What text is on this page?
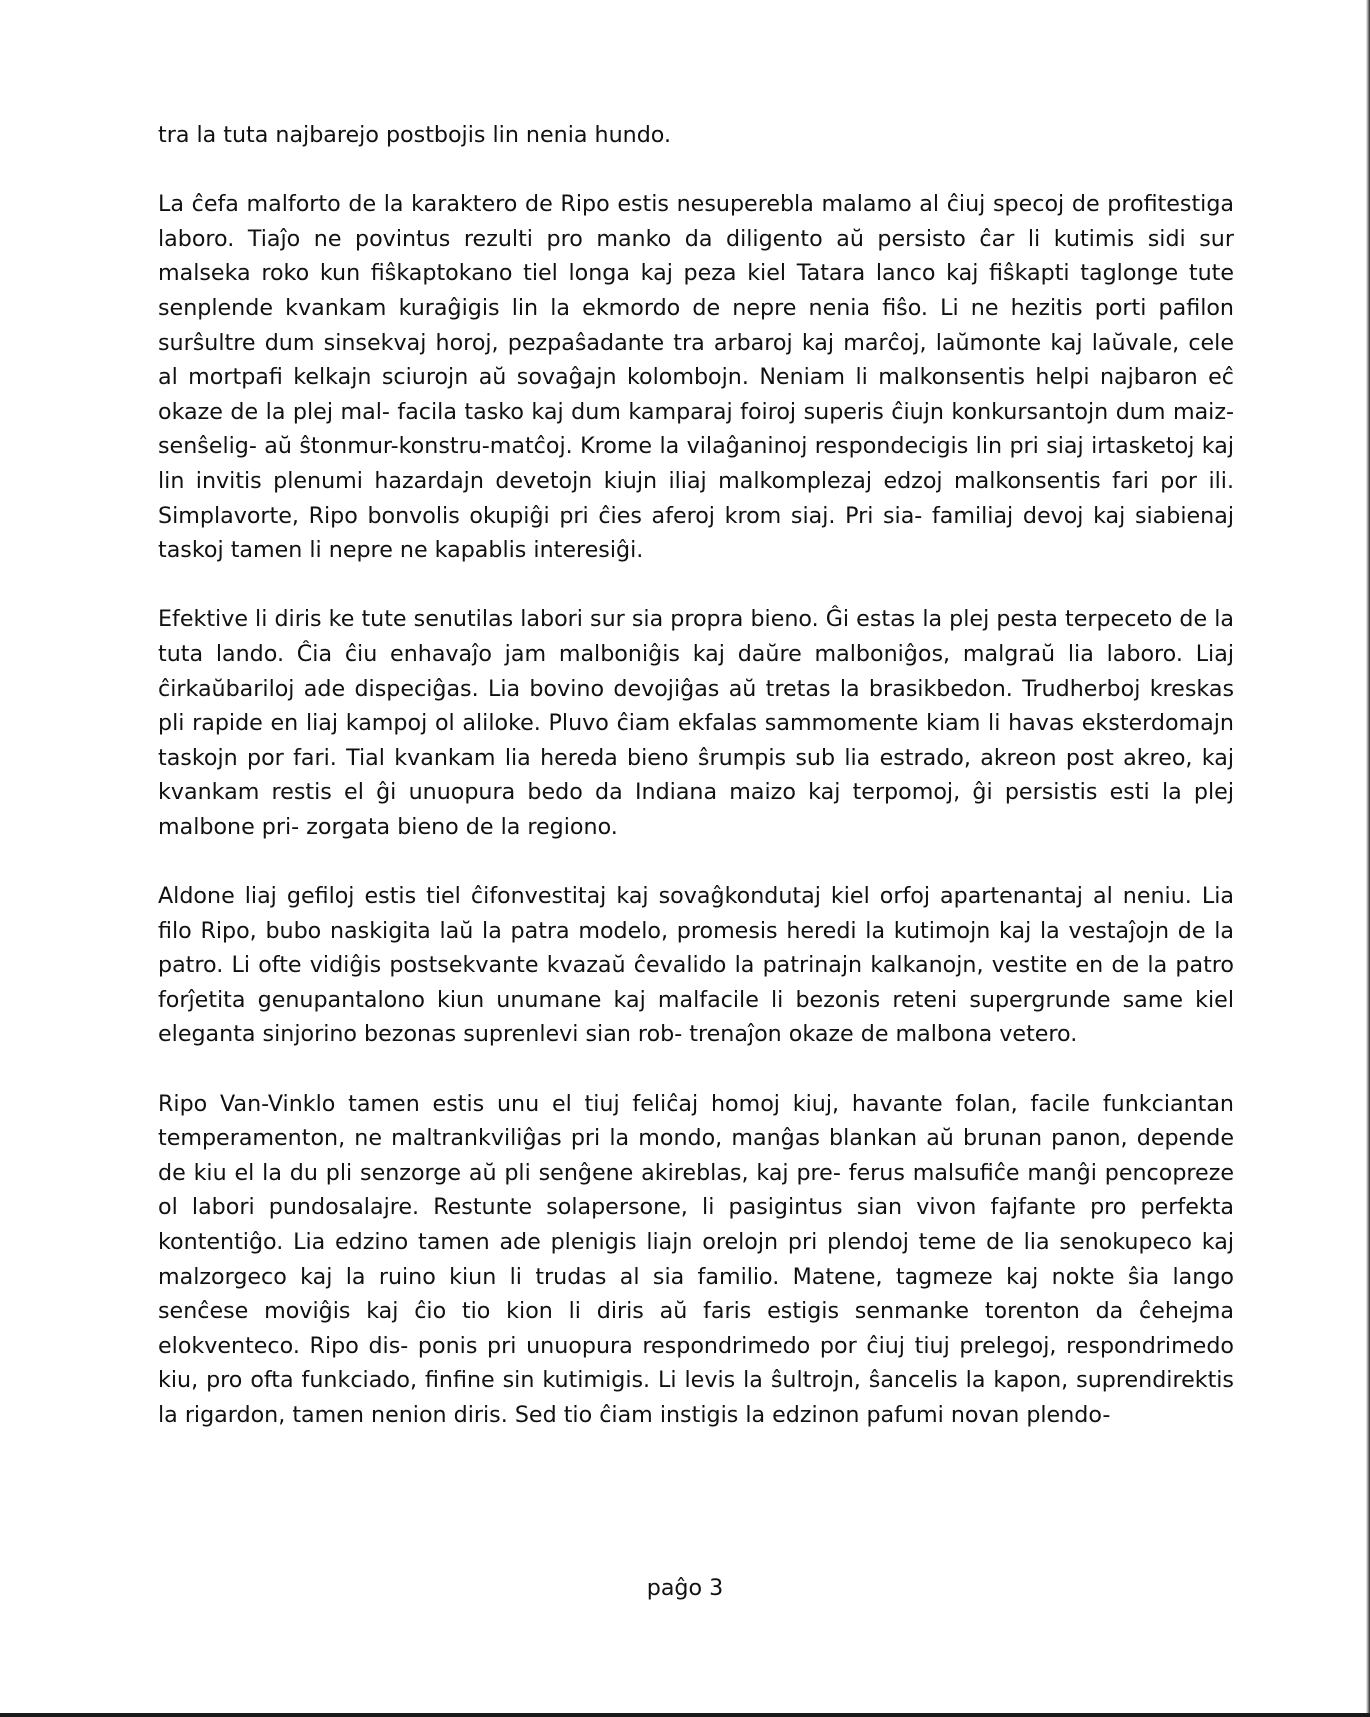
tra la tuta najbarejo postbojis lin nenia hundo.

La ĉefa malforto de la karaktero de Ripo estis nesuperebla malamo al ĉiuj specoj de profitestiga laboro. Tiaĵo ne povintus rezulti pro manko da diligento aŭ persisto ĉar li kutimis sidi sur malseka roko kun fiŝkaptokano tiel longa kaj peza kiel Tatara lanco kaj fiŝkapti taglonge tute senplende kvankam kuraĝigis lin la ekmordo de nepre nenia fiŝo. Li ne hezitis porti pafilon surŝultre dum sinsekvaj horoj, pezpaŝadante tra arbaroj kaj marĉoj, laŭmonte kaj laŭvale, cele al mortpafi kelkajn sciurojn aŭ sovaĝajn kolombojn. Neniam li malkonsentis helpi najbaron eĉ okaze de la plej mal- facila tasko kaj dum kamparaj foiroj superis ĉiujn konkursantojn dum maiz-senŝelig- aŭ ŝtonmur-konstru-matĉoj. Krome la vilaĝaninoj respondecigis lin pri siaj irtasketoj kaj lin invitis plenumi hazardajn devetojn kiujn iliaj malkomplezaj edzoj malkonsentis fari por ili. Simplavorte, Ripo bonvolis okupiĝi pri ĉies aferoj krom siaj. Pri sia- familiaj devoj kaj siabienaj taskoj tamen li nepre ne kapablis interesiĝi.

Efektive li diris ke tute senutilas labori sur sia propra bieno. Ĝi estas la plej pesta terpeceto de la tuta lando. Ĉia ĉiu enhavaĵo jam malboniĝis kaj daŭre malboniĝos, malgraŭ lia laboro. Liaj ĉirkaŭbariloj ade dispeciĝas. Lia bovino devojiĝas aŭ tretas la brasikbedon. Trudherboj kreskas pli rapide en liaj kampoj ol aliloke. Pluvo ĉiam ekfalas sammomente kiam li havas eksterdomajn taskojn por fari. Tial kvankam lia hereda bieno ŝrumpis sub lia estrado, akreon post akreo, kaj kvankam restis el ĝi unuopura bedo da Indiana maizo kaj terpomoj, ĝi persistis esti la plej malbone pri- zorgata bieno de la regiono.

Aldone liaj gefiloj estis tiel ĉifonvestitaj kaj sovaĝkondutaj kiel orfoj apartenantaj al neniu. Lia filo Ripo, bubo naskigita laŭ la patra modelo, promesis heredi la kutimojn kaj la vestaĵojn de la patro. Li ofte vidiĝis postsekvante kvazaŭ ĉevalido la patrinajn kalkanojn, vestite en de la patro forĵetita genupantalono kiun unumane kaj malfacile li bezonis reteni supergrunde same kiel eleganta sinjorino bezonas suprenlevi sian rob- trenaĵon okaze de malbona vetero.

Ripo Van-Vinklo tamen estis unu el tiuj feliĉaj homoj kiuj, havante folan, facile funkciantan temperamenton, ne maltrankviliĝas pri la mondo, manĝas blankan aŭ brunan panon, depende de kiu el la du pli senzorge aŭ pli senĝene akireblas, kaj pre- ferus malsufiĉe manĝi pencopreze ol labori pundosalajre. Restunte solapersone, li pasigintus sian vivon fajfante pro perfekta kontentiĝo. Lia edzino tamen ade plenigis liajn orelojn pri plendoj teme de lia senokupeco kaj malzorgeco kaj la ruino kiun li trudas al sia familio. Matene, tagmeze kaj nokte ŝia lango senĉese moviĝis kaj ĉio tio kion li diris aŭ faris estigis senmanke torenton da ĉehejma elokventeco. Ripo dis- ponis pri unuopura respondrimedo por ĉiuj tiuj prelegoj, respondrimedo kiu, pro ofta funkciado, finfine sin kutimigis. Li levis la ŝultrojn, ŝancelis la kapon, suprendirektis la rigardon, tamen nenion diris. Sed tio ĉiam instigis la edzinon pafumi novan plendo-

paĝo 3
